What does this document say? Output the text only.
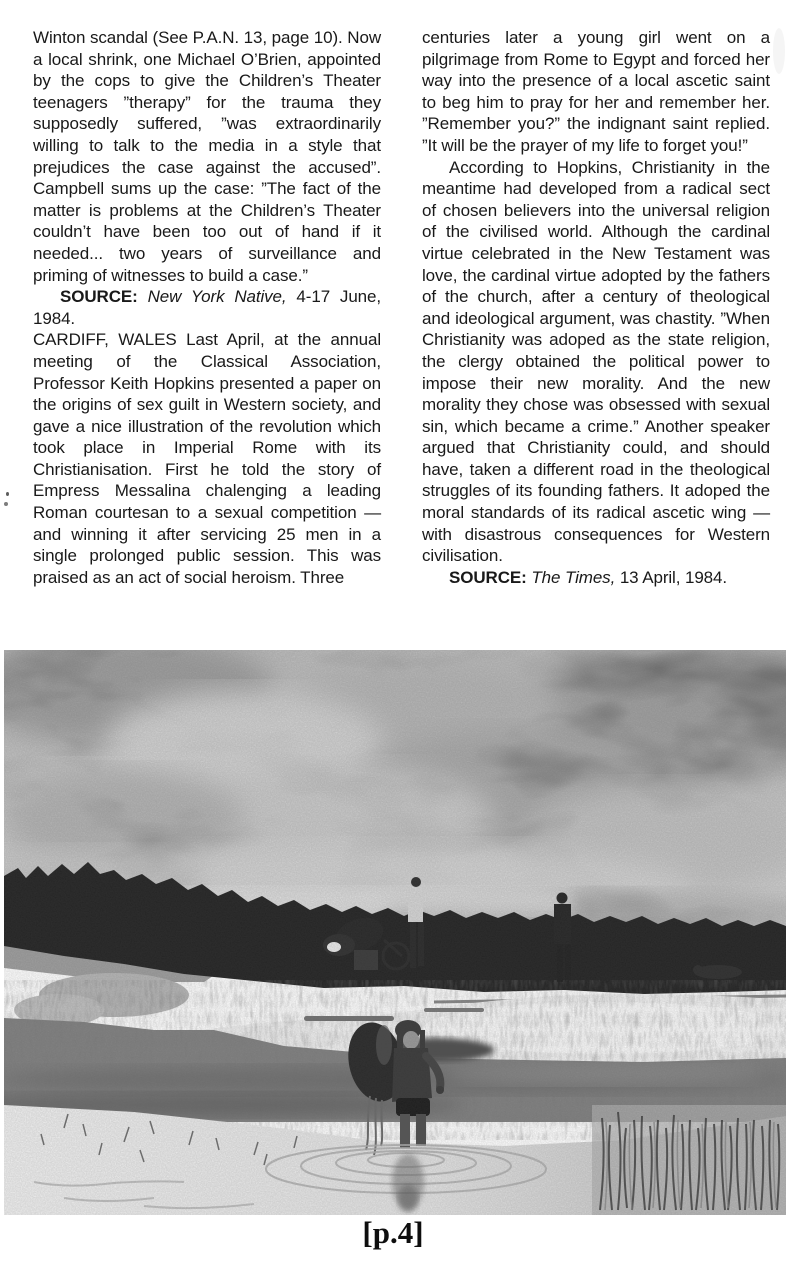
Winton scandal (See P.A.N. 13, page 10). Now a local shrink, one Michael O’Brien, appointed by the cops to give the Children’s Theater teenagers ”therapy” for the trauma they supposedly suffered, ”was extraordinarily willing to talk to the media in a style that prejudices the case against the accused”. Campbell sums up the case: ”The fact of the matter is problems at the Children’s Theater couldn’t have been too out of hand if it needed... two years of surveillance and priming of witnesses to build a case.”

SOURCE: New York Native, 4-17 June, 1984.

CARDIFF, WALES Last April, at the annual meeting of the Classical Association, Professor Keith Hopkins presented a paper on the origins of sex guilt in Western society, and gave a nice illustration of the revolution which took place in Imperial Rome with its Christianisation. First he told the story of Empress Messalina chalenging a leading Roman courtesan to a sexual competition — and winning it after servicing 25 men in a single prolonged public session. This was praised as an act of social heroism. Three

centuries later a young girl went on a pilgrimage from Rome to Egypt and forced her way into the presence of a local ascetic saint to beg him to pray for her and remember her. ”Remember you?” the indignant saint replied. ”It will be the prayer of my life to forget you!”

According to Hopkins, Christianity in the meantime had developed from a radical sect of chosen believers into the universal religion of the civilised world. Although the cardinal virtue celebrated in the New Testament was love, the cardinal virtue adopted by the fathers of the church, after a century of theological and ideological argument, was chastity. ”When Christianity was adoped as the state religion, the clergy obtained the political power to impose their new morality. And the new morality they chose was obsessed with sexual sin, which became a crime.” Another speaker argued that Christianity could, and should have, taken a different road in the theological struggles of its founding fathers. It adoped the moral standards of its radical ascetic wing — with disastrous consequences for Western civilisation.

SOURCE: The Times, 13 April, 1984.

[p.4]
